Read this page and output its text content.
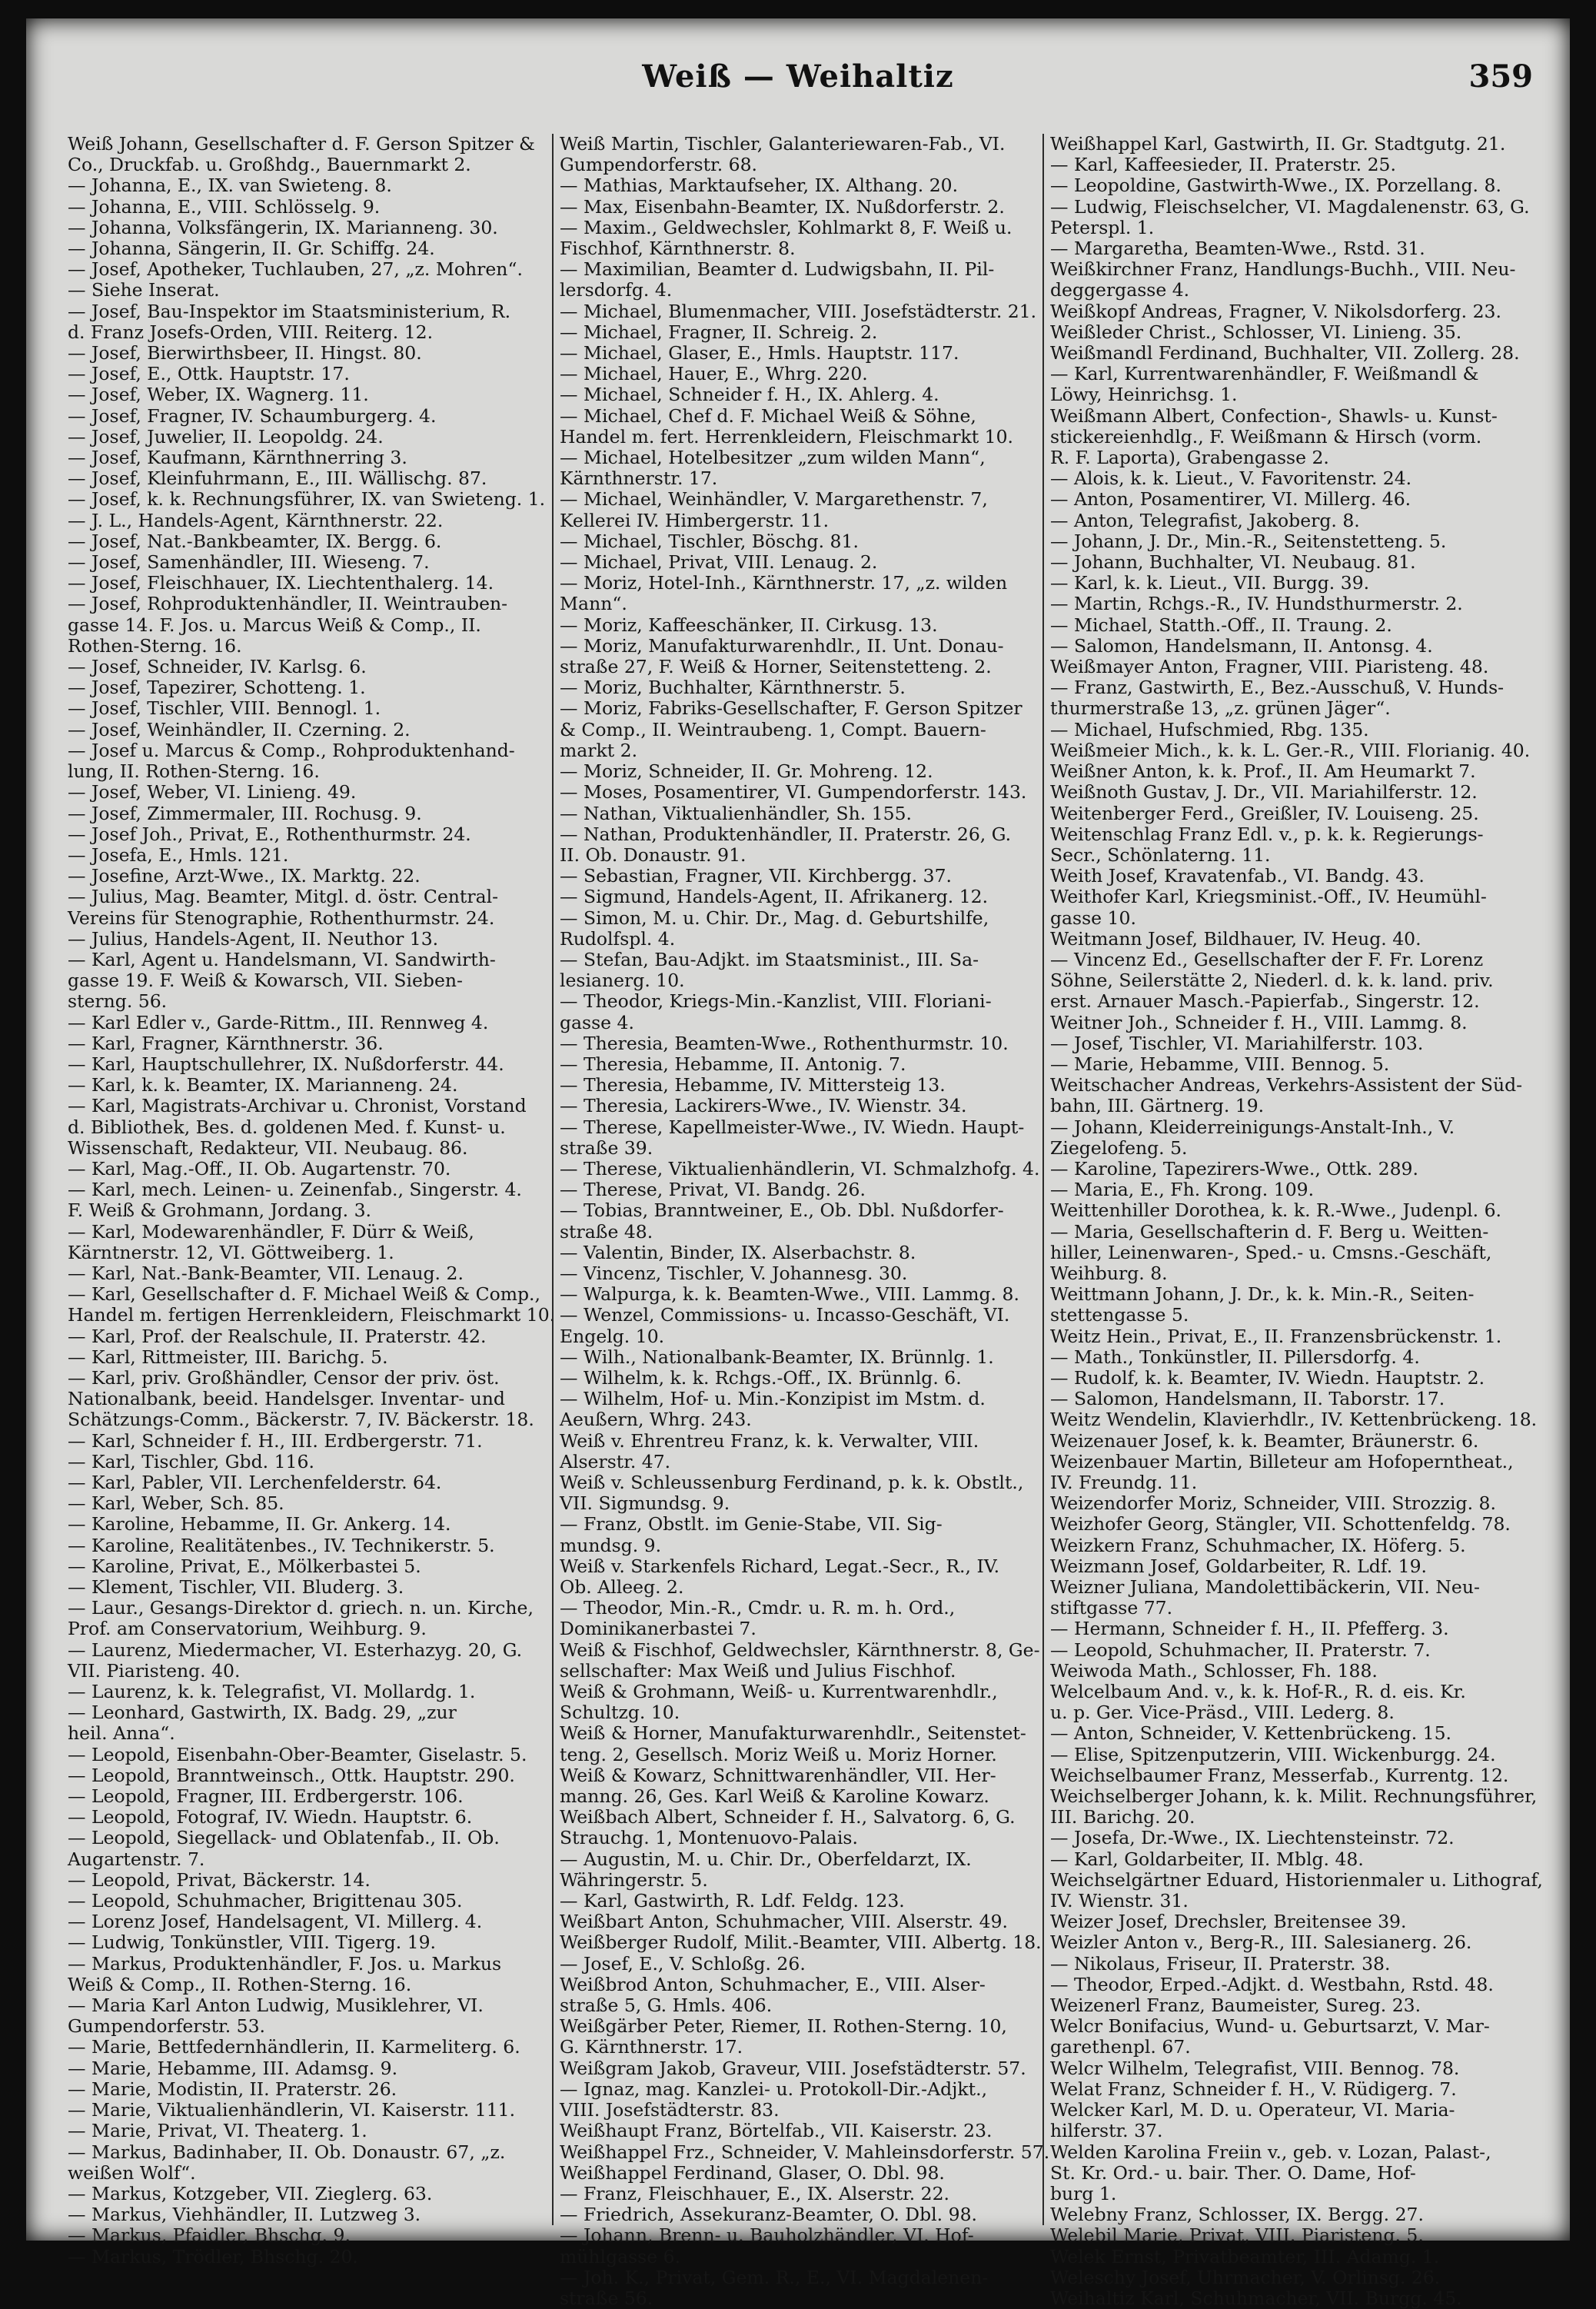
Weiß — Weihaltiz	359

Weiß Johann, Gesellschafter d. F. Gerson Spitzer &

Co., Druckfab. u. Großhdg., Bauernmarkt 2.

— Johanna, E., IX. van Swieteng. 8.

— Johanna, E., VIII. Schlösselg. 9.

— Johanna, Volksfängerin, IX. Marianneng. 30.

— Johanna, Sängerin, II. Gr. Schiffg. 24.

— Josef, Apotheker, Tuchlauben, 27, „z. Mohren“.

— Siehe Inserat.

— Josef, Bau-Inspektor im Staatsministerium, R.

d. Franz Josefs-Orden, VIII. Reiterg. 12.

— Josef, Bierwirthsbeer, II. Hingst. 80.

— Josef, E., Ottk. Hauptstr. 17.

— Josef, Weber, IX. Wagnerg. 11.

— Josef, Fragner, IV. Schaumburgerg. 4.

— Josef, Juwelier, II. Leopoldg. 24.

— Josef, Kaufmann, Kärnthnerring 3.

— Josef, Kleinfuhrmann, E., III. Wällischg. 87.

— Josef, k. k. Rechnungsführer, IX. van Swieteng. 1.

— J. L., Handels-Agent, Kärnthnerstr. 22.

— Josef, Nat.-Bankbeamter, IX. Bergg. 6.

— Josef, Samenhändler, III. Wieseng. 7.

— Josef, Fleischhauer, IX. Liechtenthalerg. 14.

— Josef, Rohproduktenhändler, II. Weintrauben-

gasse 14. F. Jos. u. Marcus Weiß & Comp., II.

Rothen-Sterng. 16.

— Josef, Schneider, IV. Karlsg. 6.

— Josef, Tapezirer, Schotteng. 1.

— Josef, Tischler, VIII. Bennogl. 1.

— Josef, Weinhändler, II. Czerning. 2.

— Josef u. Marcus & Comp., Rohproduktenhand-

lung, II. Rothen-Sterng. 16.

— Josef, Weber, VI. Linieng. 49.

— Josef, Zimmermaler, III. Rochusg. 9.

— Josef Joh., Privat, E., Rothenthurmstr. 24.

— Josefa, E., Hmls. 121.

— Josefine, Arzt-Wwe., IX. Marktg. 22.

— Julius, Mag. Beamter, Mitgl. d. östr. Central-

Vereins für Stenographie, Rothenthurmstr. 24.

— Julius, Handels-Agent, II. Neuthor 13.

— Karl, Agent u. Handelsmann, VI. Sandwirth-

gasse 19. F. Weiß & Kowarsch, VII. Sieben-

sterng. 56.

— Karl Edler v., Garde-Rittm., III. Rennweg 4.

— Karl, Fragner, Kärnthnerstr. 36.

— Karl, Hauptschullehrer, IX. Nußdorferstr. 44.

— Karl, k. k. Beamter, IX. Marianneng. 24.

— Karl, Magistrats-Archivar u. Chronist, Vorstand

d. Bibliothek, Bes. d. goldenen Med. f. Kunst- u.

Wissenschaft, Redakteur, VII. Neubaug. 86.

— Karl, Mag.-Off., II. Ob. Augartenstr. 70.

— Karl, mech. Leinen- u. Zeinenfab., Singerstr. 4.

F. Weiß & Grohmann, Jordang. 3.

— Karl, Modewarenhändler, F. Dürr & Weiß,

Kärntnerstr. 12, VI. Göttweiberg. 1.

— Karl, Nat.-Bank-Beamter, VII. Lenaug. 2.

— Karl, Gesellschafter d. F. Michael Weiß & Comp.,

Handel m. fertigen Herrenkleidern, Fleischmarkt 10.

— Karl, Prof. der Realschule, II. Praterstr. 42.

— Karl, Rittmeister, III. Barichg. 5.

— Karl, priv. Großhändler, Censor der priv. öst.

Nationalbank, beeid. Handelsger. Inventar- und

Schätzungs-Comm., Bäckerstr. 7, IV. Bäckerstr. 18.

— Karl, Schneider f. H., III. Erdbergerstr. 71.

— Karl, Tischler, Gbd. 116.

— Karl, Pabler, VII. Lerchenfelderstr. 64.

— Karl, Weber, Sch. 85.

— Karoline, Hebamme, II. Gr. Ankerg. 14.

— Karoline, Realitätenbes., IV. Technikerstr. 5.

— Karoline, Privat, E., Mölkerbastei 5.

— Klement, Tischler, VII. Bluderg. 3.

— Laur., Gesangs-Direktor d. griech. n. un. Kirche,

Prof. am Conservatorium, Weihburg. 9.

— Laurenz, Miedermacher, VI. Esterhazyg. 20, G.

VII. Piaristeng. 40.

— Laurenz, k. k. Telegrafist, VI. Mollardg. 1.

— Leonhard, Gastwirth, IX. Badg. 29, „zur

heil. Anna“.

— Leopold, Eisenbahn-Ober-Beamter, Giselastr. 5.

— Leopold, Branntweinsch., Ottk. Hauptstr. 290.

— Leopold, Fragner, III. Erdbergerstr. 106.

— Leopold, Fotograf, IV. Wiedn. Hauptstr. 6.

— Leopold, Siegellack- und Oblatenfab., II. Ob.

Augartenstr. 7.

— Leopold, Privat, Bäckerstr. 14.

— Leopold, Schuhmacher, Brigittenau 305.

— Lorenz Josef, Handelsagent, VI. Millerg. 4.

— Ludwig, Tonkünstler, VIII. Tigerg. 19.

— Markus, Produktenhändler, F. Jos. u. Markus

Weiß & Comp., II. Rothen-Sterng. 16.

— Maria Karl Anton Ludwig, Musiklehrer, VI.

Gumpendorferstr. 53.

— Marie, Bettfedernhändlerin, II. Karmeliterg. 6.

— Marie, Hebamme, III. Adamsg. 9.

— Marie, Modistin, II. Praterstr. 26.

— Marie, Viktualienhändlerin, VI. Kaiserstr. 111.

— Marie, Privat, VI. Theaterg. 1.

— Markus, Badinhaber, II. Ob. Donaustr. 67, „z.

weißen Wolf“.

— Markus, Kotzgeber, VII. Zieglerg. 63.

— Markus, Viehhändler, II. Lutzweg 3.

— Markus, Pfaidler, Bhschg. 9.

— Markus, Trödler, Bhschg. 20.

Weiß Martin, Tischler, Galanteriewaren-Fab., VI.

Gumpendorferstr. 68.

— Mathias, Marktaufseher, IX. Althang. 20.

— Max, Eisenbahn-Beamter, IX. Nußdorferstr. 2.

— Maxim., Geldwechsler, Kohlmarkt 8, F. Weiß u.

Fischhof, Kärnthnerstr. 8.

— Maximilian, Beamter d. Ludwigsbahn, II. Pil-

lersdorfg. 4.

— Michael, Blumenmacher, VIII. Josefstädterstr. 21.

— Michael, Fragner, II. Schreig. 2.

— Michael, Glaser, E., Hmls. Hauptstr. 117.

— Michael, Hauer, E., Whrg. 220.

— Michael, Schneider f. H., IX. Ahlerg. 4.

— Michael, Chef d. F. Michael Weiß & Söhne,

Handel m. fert. Herrenkleidern, Fleischmarkt 10.

— Michael, Hotelbesitzer „zum wilden Mann“,

Kärnthnerstr. 17.

— Michael, Weinhändler, V. Margarethenstr. 7,

Kellerei IV. Himbergerstr. 11.

— Michael, Tischler, Böschg. 81.

— Michael, Privat, VIII. Lenaug. 2.

— Moriz, Hotel-Inh., Kärnthnerstr. 17, „z. wilden

Mann“.

— Moriz, Kaffeeschänker, II. Cirkusg. 13.

— Moriz, Manufakturwarenhdlr., II. Unt. Donau-

straße 27, F. Weiß & Horner, Seitenstetteng. 2.

— Moriz, Buchhalter, Kärnthnerstr. 5.

— Moriz, Fabriks-Gesellschafter, F. Gerson Spitzer

& Comp., II. Weintraubeng. 1, Compt. Bauern-

markt 2.

— Moriz, Schneider, II. Gr. Mohreng. 12.

— Moses, Posamentirer, VI. Gumpendorferstr. 143.

— Nathan, Viktualienhändler, Sh. 155.

— Nathan, Produktenhändler, II. Praterstr. 26, G.

II. Ob. Donaustr. 91.

— Sebastian, Fragner, VII. Kirchbergg. 37.

— Sigmund, Handels-Agent, II. Afrikanerg. 12.

— Simon, M. u. Chir. Dr., Mag. d. Geburtshilfe,

Rudolfspl. 4.

— Stefan, Bau-Adjkt. im Staatsminist., III. Sa-

lesianerg. 10.

— Theodor, Kriegs-Min.-Kanzlist, VIII. Floriani-

gasse 4.

— Theresia, Beamten-Wwe., Rothenthurmstr. 10.

— Theresia, Hebamme, II. Antonig. 7.

— Theresia, Hebamme, IV. Mittersteig 13.

— Theresia, Lackirers-Wwe., IV. Wienstr. 34.

— Therese, Kapellmeister-Wwe., IV. Wiedn. Haupt-

straße 39.

— Therese, Viktualienhändlerin, VI. Schmalzhofg. 4.

— Therese, Privat, VI. Bandg. 26.

— Tobias, Branntweiner, E., Ob. Dbl. Nußdorfer-

straße 48.

— Valentin, Binder, IX. Alserbachstr. 8.

— Vincenz, Tischler, V. Johannesg. 30.

— Walpurga, k. k. Beamten-Wwe., VIII. Lammg. 8.

— Wenzel, Commissions- u. Incasso-Geschäft, VI.

Engelg. 10.

— Wilh., Nationalbank-Beamter, IX. Brünnlg. 1.

— Wilhelm, k. k. Rchgs.-Off., IX. Brünnlg. 6.

— Wilhelm, Hof- u. Min.-Konzipist im Mstm. d.

Aeußern, Whrg. 243.

Weiß v. Ehrentreu Franz, k. k. Verwalter, VIII.

Alserstr. 47.

Weiß v. Schleussenburg Ferdinand, p. k. k. Obstlt.,

VII. Sigmundsg. 9.

— Franz, Obstlt. im Genie-Stabe, VII. Sig-

mundsg. 9.

Weiß v. Starkenfels Richard, Legat.-Secr., R., IV.

Ob. Alleeg. 2.

— Theodor, Min.-R., Cmdr. u. R. m. h. Ord.,

Dominikanerbastei 7.

Weiß & Fischhof, Geldwechsler, Kärnthnerstr. 8, Ge-

sellschafter: Max Weiß und Julius Fischhof.

Weiß & Grohmann, Weiß- u. Kurrentwarenhdlr.,

Schultzg. 10.

Weiß & Horner, Manufakturwarenhdlr., Seitenstet-

teng. 2, Gesellsch. Moriz Weiß u. Moriz Horner.

Weiß & Kowarz, Schnittwarenhändler, VII. Her-

manng. 26, Ges. Karl Weiß & Karoline Kowarz.

Weißbach Albert, Schneider f. H., Salvatorg. 6, G.

Strauchg. 1, Montenuovo-Palais.

— Augustin, M. u. Chir. Dr., Oberfeldarzt, IX.

Währingerstr. 5.

— Karl, Gastwirth, R. Ldf. Feldg. 123.

Weißbart Anton, Schuhmacher, VIII. Alserstr. 49.

Weißberger Rudolf, Milit.-Beamter, VIII. Albertg. 18.

— Josef, E., V. Schloßg. 26.

Weißbrod Anton, Schuhmacher, E., VIII. Alser-

straße 5, G. Hmls. 406.

Weißgärber Peter, Riemer, II. Rothen-Sterng. 10,

G. Kärnthnerstr. 17.

Weißgram Jakob, Graveur, VIII. Josefstädterstr. 57.

— Ignaz, mag. Kanzlei- u. Protokoll-Dir.-Adjkt.,

VIII. Josefstädterstr. 83.

Weißhaupt Franz, Börtelfab., VII. Kaiserstr. 23.

Weißhappel Frz., Schneider, V. Mahleinsdorferstr. 57.

Weißhappel Ferdinand, Glaser, O. Dbl. 98.

— Franz, Fleischhauer, E., IX. Alserstr. 22.

— Friedrich, Assekuranz-Beamter, O. Dbl. 98.

— Johann, Brenn- u. Bauholzhändler, VI. Hof-

mühlgasse 6.

— Joh. K., Privat, Gem. R., E., VI. Magdalenen-

straße 56.

Weißhappel Karl, Gastwirth, II. Gr. Stadtgutg. 21.

— Karl, Kaffeesieder, II. Praterstr. 25.

— Leopoldine, Gastwirth-Wwe., IX. Porzellang. 8.

— Ludwig, Fleischselcher, VI. Magdalenenstr. 63, G.

Peterspl. 1.

— Margaretha, Beamten-Wwe., Rstd. 31.

Weißkirchner Franz, Handlungs-Buchh., VIII. Neu-

deggergasse 4.

Weißkopf Andreas, Fragner, V. Nikolsdorferg. 23.

Weißleder Christ., Schlosser, VI. Linieng. 35.

Weißmandl Ferdinand, Buchhalter, VII. Zollerg. 28.

— Karl, Kurrentwarenhändler, F. Weißmandl &

Löwy, Heinrichsg. 1.

Weißmann Albert, Confection-, Shawls- u. Kunst-

stickereienhdlg., F. Weißmann & Hirsch (vorm.

R. F. Laporta), Grabengasse 2.

— Alois, k. k. Lieut., V. Favoritenstr. 24.

— Anton, Posamentirer, VI. Millerg. 46.

— Anton, Telegrafist, Jakoberg. 8.

— Johann, J. Dr., Min.-R., Seitenstetteng. 5.

— Johann, Buchhalter, VI. Neubaug. 81.

— Karl, k. k. Lieut., VII. Burgg. 39.

— Martin, Rchgs.-R., IV. Hundsthurmerstr. 2.

— Michael, Statth.-Off., II. Traung. 2.

— Salomon, Handelsmann, II. Antonsg. 4.

Weißmayer Anton, Fragner, VIII. Piaristeng. 48.

— Franz, Gastwirth, E., Bez.-Ausschuß, V. Hunds-

thurmerstraße 13, „z. grünen Jäger“.

— Michael, Hufschmied, Rbg. 135.

Weißmeier Mich., k. k. L. Ger.-R., VIII. Florianig. 40.

Weißner Anton, k. k. Prof., II. Am Heumarkt 7.

Weißnoth Gustav, J. Dr., VII. Mariahilferstr. 12.

Weitenberger Ferd., Greißler, IV. Louiseng. 25.

Weitenschlag Franz Edl. v., p. k. k. Regierungs-

Secr., Schönlaterng. 11.

Weith Josef, Kravatenfab., VI. Bandg. 43.

Weithofer Karl, Kriegsminist.-Off., IV. Heumühl-

gasse 10.

Weitmann Josef, Bildhauer, IV. Heug. 40.

— Vincenz Ed., Gesellschafter der F. Fr. Lorenz

Söhne, Seilerstätte 2, Niederl. d. k. k. land. priv.

erst. Arnauer Masch.-Papierfab., Singerstr. 12.

Weitner Joh., Schneider f. H., VIII. Lammg. 8.

— Josef, Tischler, VI. Mariahilferstr. 103.

— Marie, Hebamme, VIII. Bennog. 5.

Weitschacher Andreas, Verkehrs-Assistent der Süd-

bahn, III. Gärtnerg. 19.

— Johann, Kleiderreinigungs-Anstalt-Inh., V.

Ziegelofeng. 5.

— Karoline, Tapezirers-Wwe., Ottk. 289.

— Maria, E., Fh. Krong. 109.

Weittenhiller Dorothea, k. k. R.-Wwe., Judenpl. 6.

— Maria, Gesellschafterin d. F. Berg u. Weitten-

hiller, Leinenwaren-, Sped.- u. Cmsns.-Geschäft,

Weihburg. 8.

Weittmann Johann, J. Dr., k. k. Min.-R., Seiten-

stettengasse 5.

Weitz Hein., Privat, E., II. Franzensbrückenstr. 1.

— Math., Tonkünstler, II. Pillersdorfg. 4.

— Rudolf, k. k. Beamter, IV. Wiedn. Hauptstr. 2.

— Salomon, Handelsmann, II. Taborstr. 17.

Weitz Wendelin, Klavierhdlr., IV. Kettenbrückeng. 18.

Weizenauer Josef, k. k. Beamter, Bräunerstr. 6.

Weizenbauer Martin, Billeteur am Hofoperntheat.,

IV. Freundg. 11.

Weizendorfer Moriz, Schneider, VIII. Strozzig. 8.

Weizhofer Georg, Stängler, VII. Schottenfeldg. 78.

Weizkern Franz, Schuhmacher, IX. Höferg. 5.

Weizmann Josef, Goldarbeiter, R. Ldf. 19.

Weizner Juliana, Mandolettibäckerin, VII. Neu-

stiftgasse 77.

— Hermann, Schneider f. H., II. Pfefferg. 3.

— Leopold, Schuhmacher, II. Praterstr. 7.

Weiwoda Math., Schlosser, Fh. 188.

Welcelbaum And. v., k. k. Hof-R., R. d. eis. Kr.

u. p. Ger. Vice-Präsd., VIII. Lederg. 8.

— Anton, Schneider, V. Kettenbrückeng. 15.

— Elise, Spitzenputzerin, VIII. Wickenburgg. 24.

Weichselbaumer Franz, Messerfab., Kurrentg. 12.

Weichselberger Johann, k. k. Milit. Rechnungsführer,

III. Barichg. 20.

— Josefa, Dr.-Wwe., IX. Liechtensteinstr. 72.

— Karl, Goldarbeiter, II. Mblg. 48.

Weichselgärtner Eduard, Historienmaler u. Lithograf,

IV. Wienstr. 31.

Weizer Josef, Drechsler, Breitensee 39.

Weizler Anton v., Berg-R., III. Salesianerg. 26.

— Nikolaus, Friseur, II. Praterstr. 38.

— Theodor, Erped.-Adjkt. d. Westbahn, Rstd. 48.

Weizenerl Franz, Baumeister, Sureg. 23.

Welcr Bonifacius, Wund- u. Geburtsarzt, V. Mar-

garethenpl. 67.

Welcr Wilhelm, Telegrafist, VIII. Bennog. 78.

Welat Franz, Schneider f. H., V. Rüdigerg. 7.

Welcker Karl, M. D. u. Operateur, VI. Maria-

hilferstr. 37.

Welden Karolina Freiin v., geb. v. Lozan, Palast-,

St. Kr. Ord.- u. bair. Ther. O. Dame, Hof-

burg 1.

Welebny Franz, Schlosser, IX. Bergg. 27.

Welebil Marie, Privat, VIII. Piaristeng. 5.

Welek Ernst, Privatbeamter, III. Adamg. 1.

Weleschy Josef, Uhrmacher, V. Orlinsg. 26.

Weihaltiz Karl, Schuhmacher, VII. Burgg. 45.
